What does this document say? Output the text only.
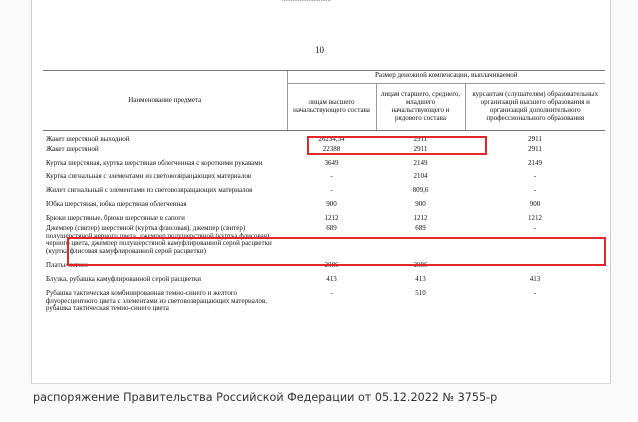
10
Наименование предмета	Размер денежной компенсации, выплачиваемой		
	лицам высшего начальствующего состава	лицам старшего, среднего, младшего начальствующего и рядового состава	курсантам (слушателям) образовательных организаций высшего образования и организаций дополнительного профессионального образования

Жакет шерстяной выходной	26254,34	2911	2911
Жакет шерстяной	22388	2911	2911

Куртка шерстяная, куртка шерстяная облегченная с короткими рукавами	3649	2149	2149

Куртка сигнальная с элементами из световозвращающих материалов	-	2104	-

Жилет сигнальный с элементами из световозвращающих материалов	-	809,6	-

Юбка шерстяная, юбка шерстяная облегченная	900	900	900

Брюки шерстяные, брюки шерстяные в сапоги	1212	1212	1212
Джемпер (свитер) шерстяной (куртка флисовая), джемпер (свитер) полушерстяной черного цвета, джемпер полушерстяной (куртка флисовая) черного цвета, джемпер полушерстяной камуфлированной серой расцветки (куртка флисовая камуфлированной серой расцветки)	689	689	-

Платье летнее	2086	2086	-

Блузка, рубашка камуфлированной серой расцветки	413	413	413

Рубашка тактическая комбинированная темно-синего и желтого флуоресцентного цвета с элементами из световозвращающих материалов, рубашка тактическая темно-синего цвета	-	510	-
распоряжение Правительства Российской Федерации от 05.12.2022 № 3755-р
